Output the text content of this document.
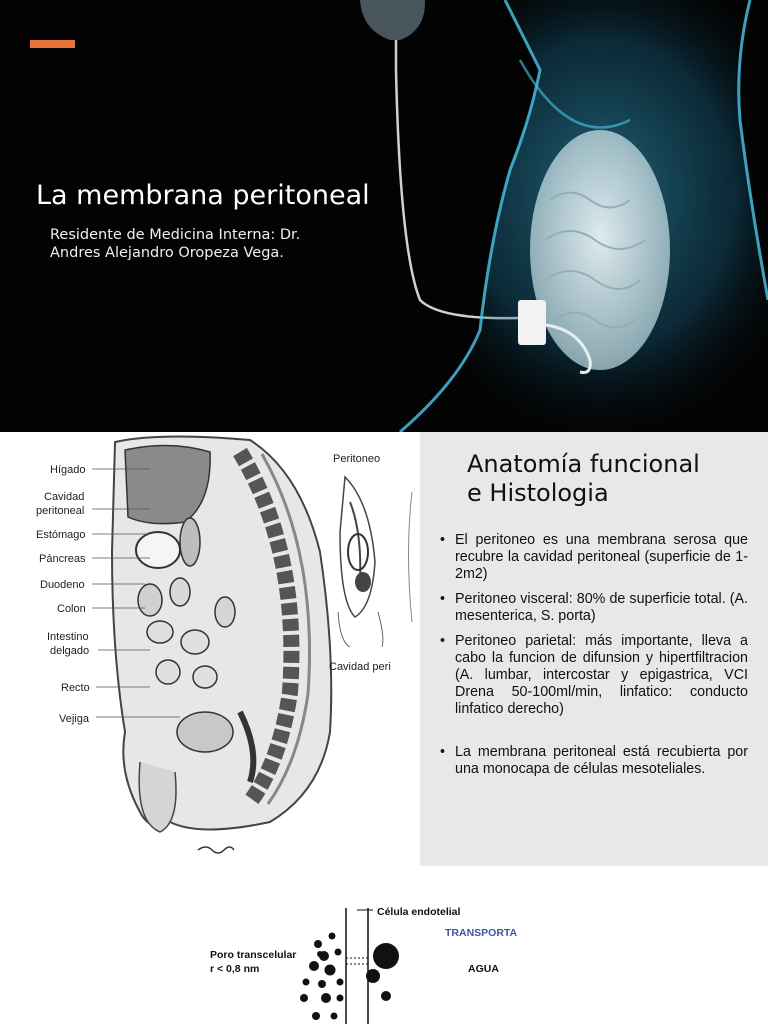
La membrana peritoneal
Residente de Medicina Interna: Dr.
Andres Alejandro Oropeza Vega.
Hígado
Cavidad
peritoneal
Estómago
Páncreas
Duodeno
Colon
Intestino
delgado
Recto
Vejiga
Peritoneo
Cavidad peri
Anatomía funcional
e Histologia
• El peritoneo es una membrana serosa que recubre la cavidad peritoneal (superficie de 1-2m2)
• Peritoneo visceral: 80% de superficie total. (A. mesenterica, S. porta)
• Peritoneo parietal: más importante, lleva a cabo la funcion de difunsion y hipertfiltracion (A. lumbar, intercostar y epigastrica, VCI Drena 50-100ml/min, linfatico: conducto linfatico derecho)
• La membrana peritoneal está recubierta por una monocapa de células mesoteliales.
Célula endotelial
TRANSPORTA
AGUA
Poro transcelular
r < 0,8 nm
